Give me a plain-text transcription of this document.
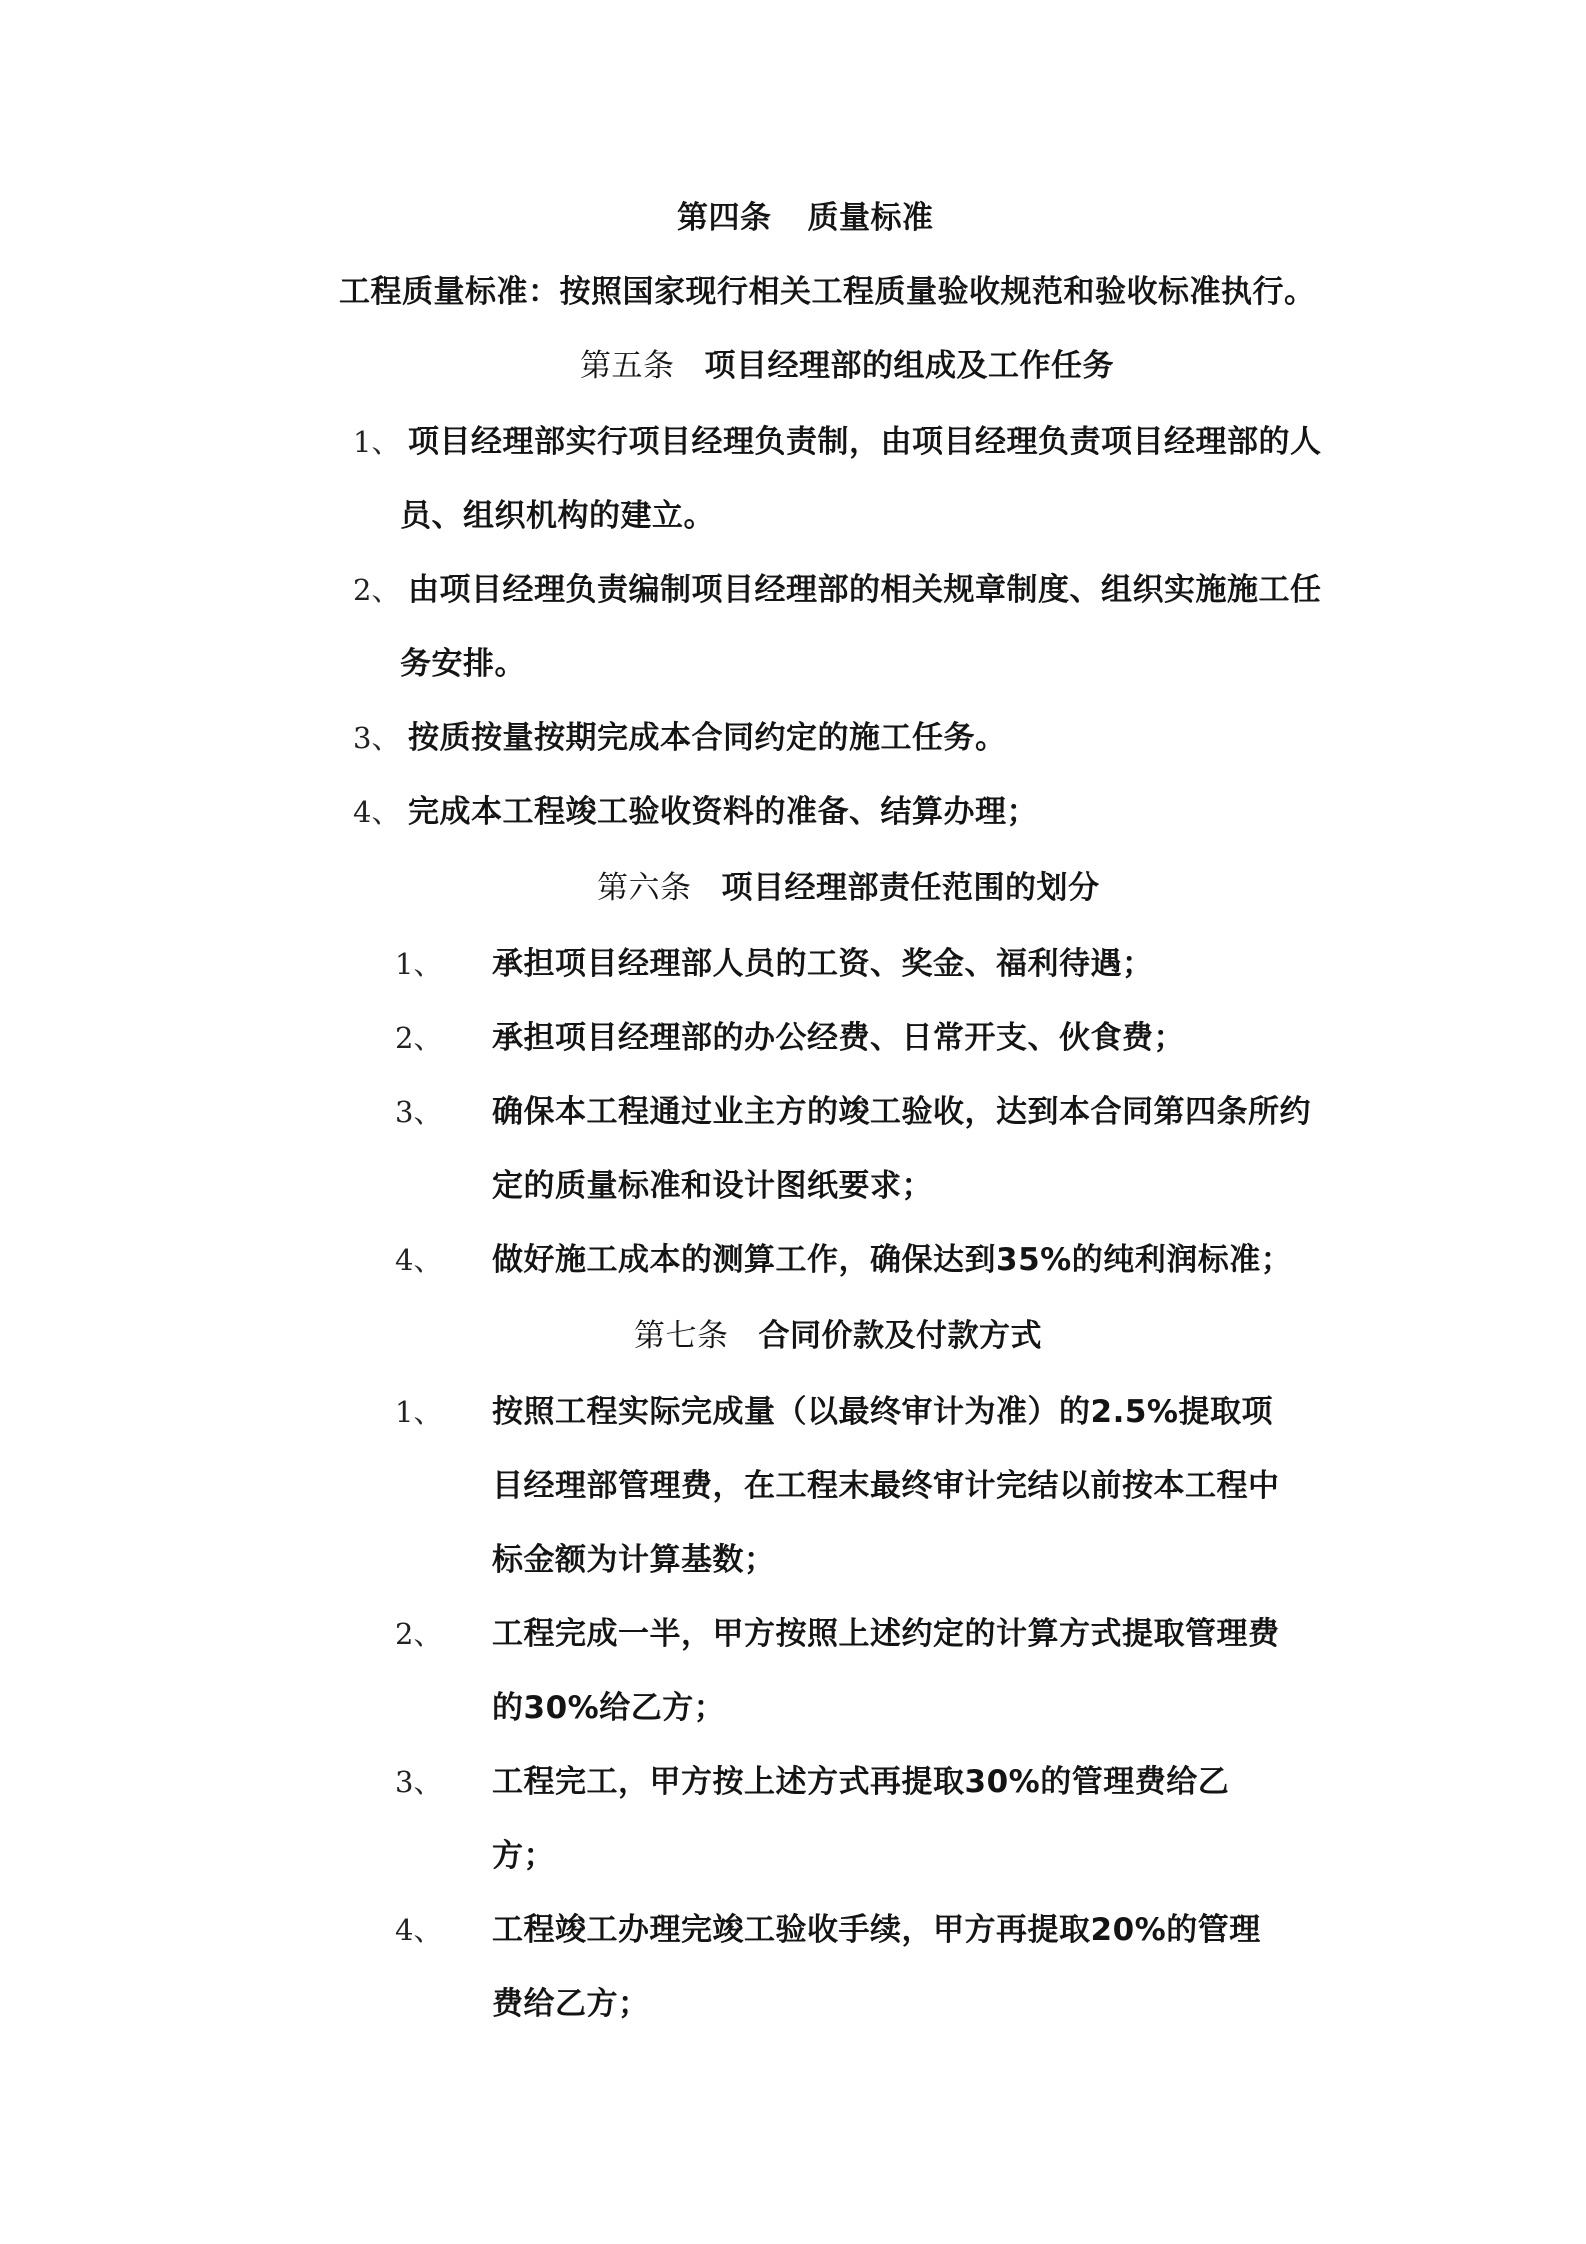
第四条 质量标准
工程质量标准：按照国家现行相关工程质量验收规范和验收标准执行。
第五条 项目经理部的组成及工作任务
1、 项目经理部实行项目经理负责制，由项目经理负责项目经理部的人
员、组织机构的建立。
2、 由项目经理负责编制项目经理部的相关规章制度、组织实施施工任
务安排。
3、 按质按量按期完成本合同约定的施工任务。
4、 完成本工程竣工验收资料的准备、结算办理；
第六条 项目经理部责任范围的划分
1、 承担项目经理部人员的工资、奖金、福利待遇；
2、 承担项目经理部的办公经费、日常开支、伙食费；
3、 确保本工程通过业主方的竣工验收，达到本合同第四条所约
定的质量标准和设计图纸要求；
4、 做好施工成本的测算工作，确保达到35%的纯利润标准；
第七条 合同价款及付款方式
1、 按照工程实际完成量（以最终审计为准）的2.5%提取项
目经理部管理费，在工程末最终审计完结以前按本工程中
标金额为计算基数；
2、 工程完成一半，甲方按照上述约定的计算方式提取管理费
的30%给乙方；
3、 工程完工，甲方按上述方式再提取30%的管理费给乙
方；
4、 工程竣工办理完竣工验收手续，甲方再提取20%的管理
费给乙方；
